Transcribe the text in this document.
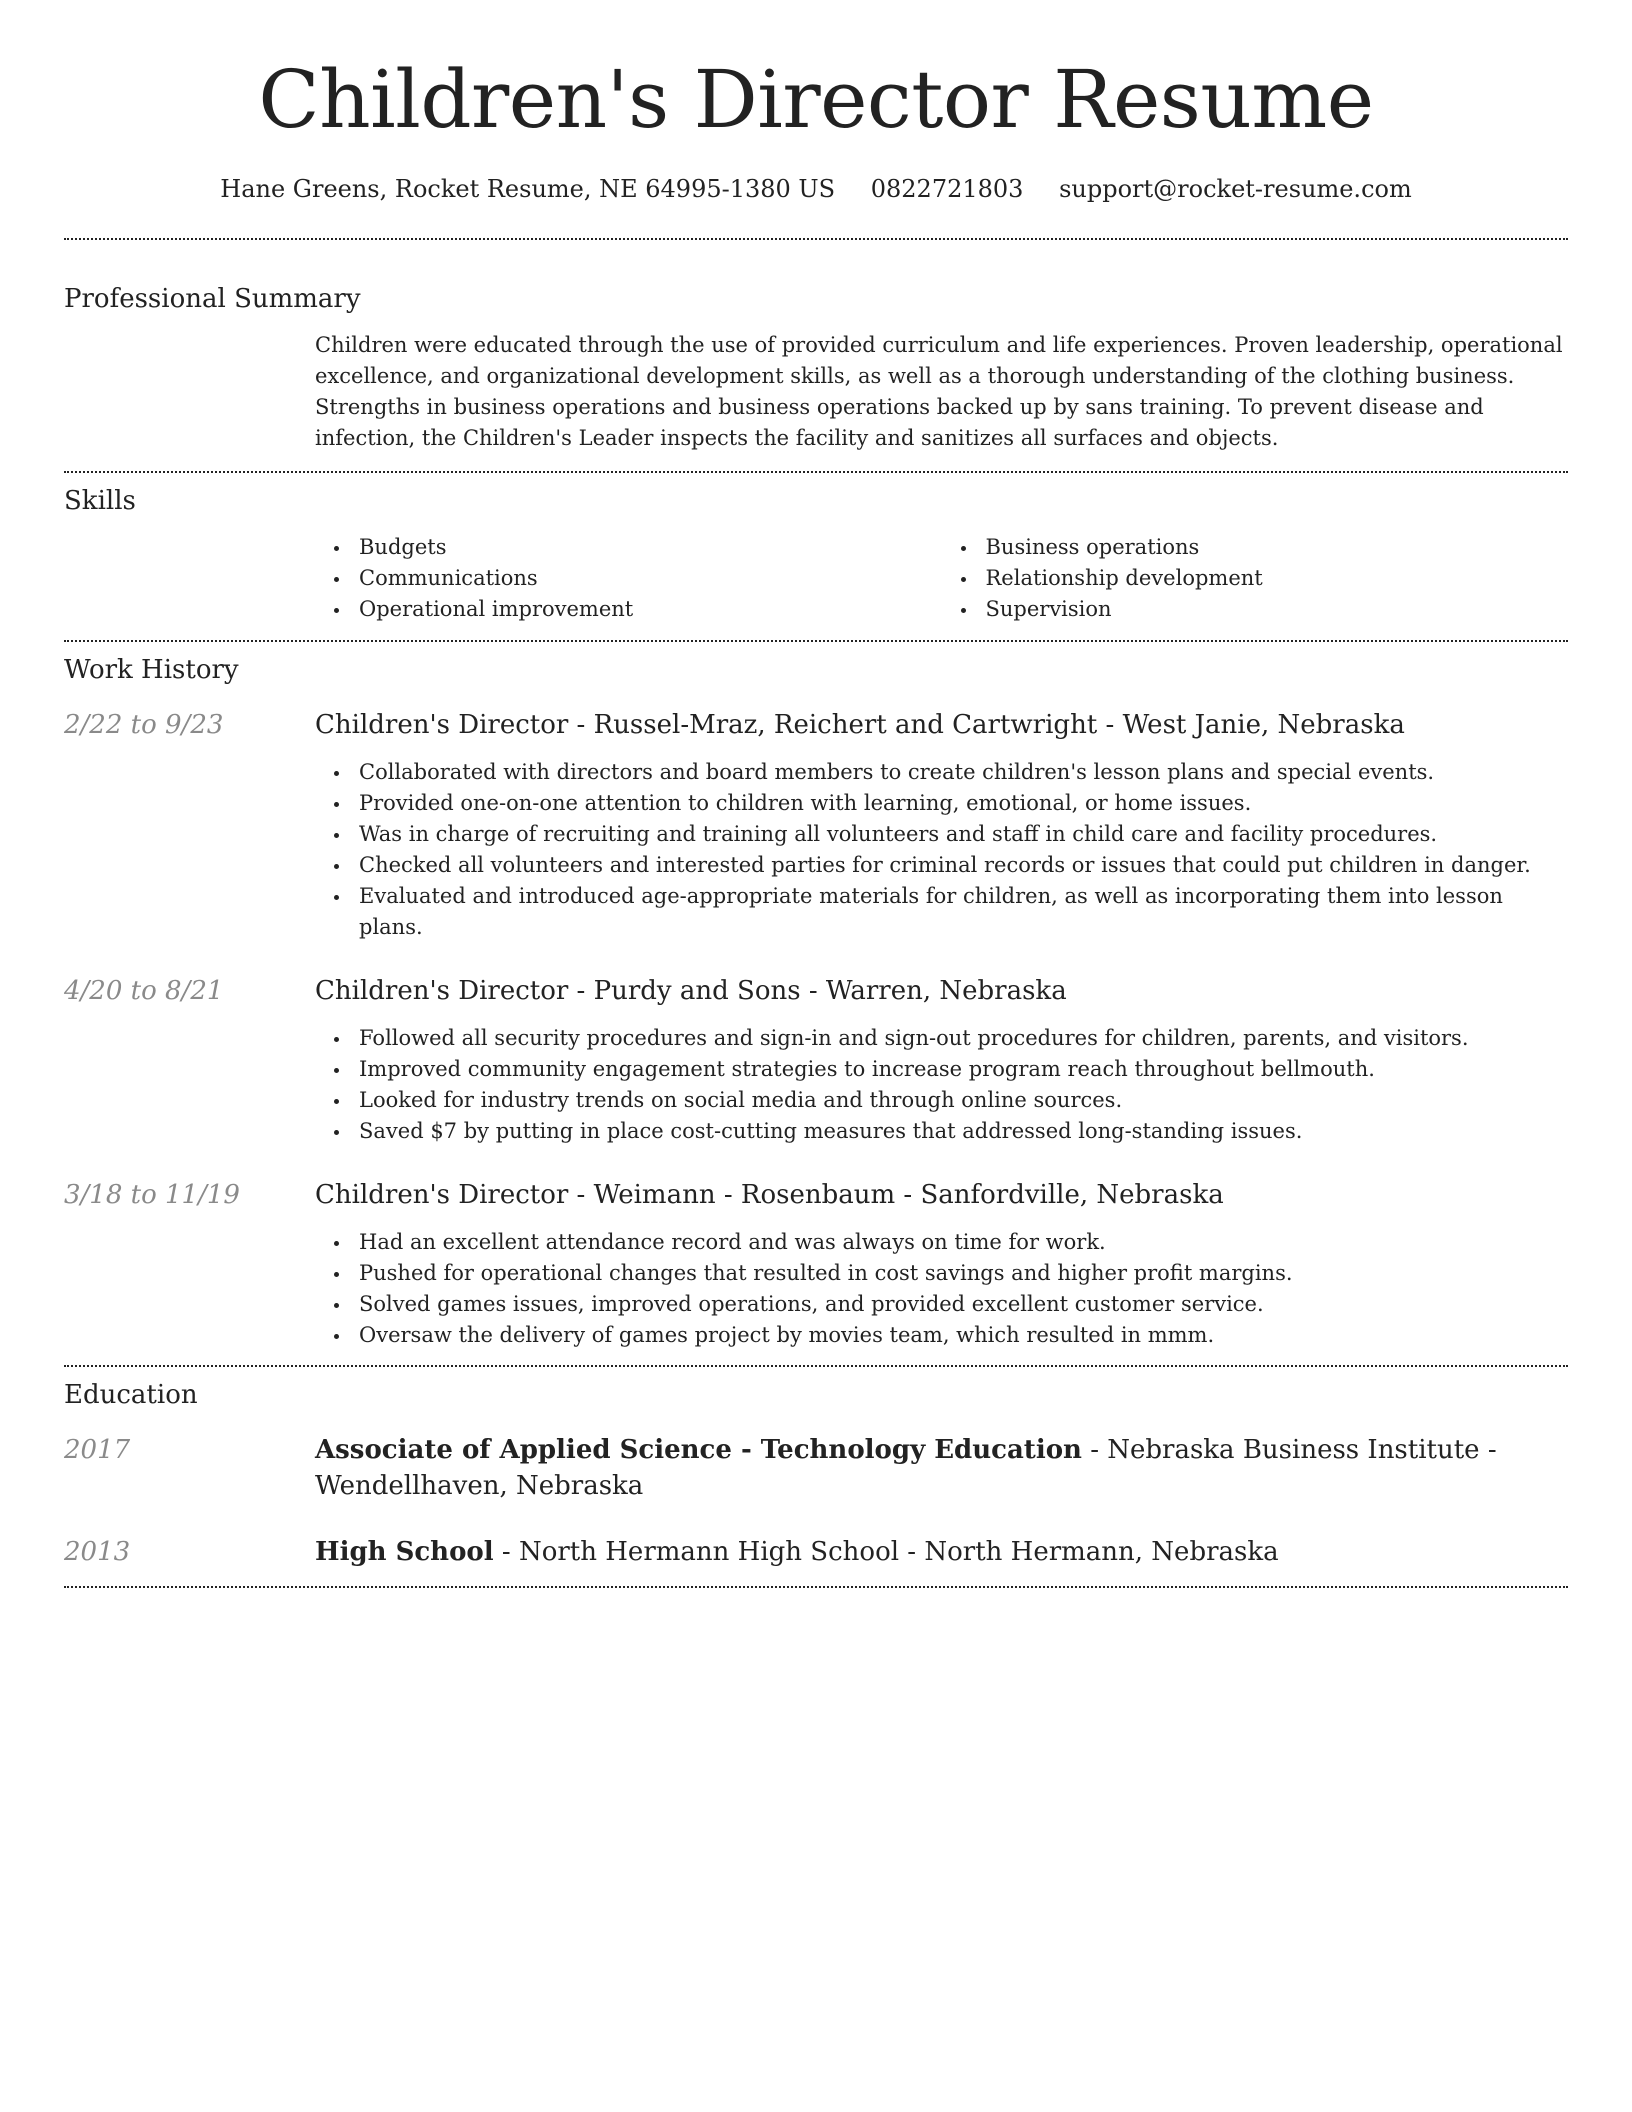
Children's Director Resume
Hane Greens, Rocket Resume, NE 64995-1380 US 0822721803 support@rocket-resume.com
Professional Summary

Children were educated through the use of provided curriculum and life experiences. Proven leadership, operational excellence, and organizational development skills, as well as a thorough understanding of the clothing business. Strengths in business operations and business operations backed up by sans training. To prevent disease and infection, the Children's Leader inspects the facility and sanitizes all surfaces and objects.

Skills
Budgets
Communications
Operational improvement
Business operations
Relationship development
Supervision
Work History
2/22 to 9/23	Children's Director - Russel-Mraz, Reichert and Cartwright - West Janie, Nebraska
Collaborated with directors and board members to create children's lesson plans and special events.
Provided one-on-one attention to children with learning, emotional, or home issues.
Was in charge of recruiting and training all volunteers and staff in child care and facility procedures.
Checked all volunteers and interested parties for criminal records or issues that could put children in danger.
Evaluated and introduced age-appropriate materials for children, as well as incorporating them into lesson plans.
4/20 to 8/21	Children's Director - Purdy and Sons - Warren, Nebraska
Followed all security procedures and sign-in and sign-out procedures for children, parents, and visitors.
Improved community engagement strategies to increase program reach throughout bellmouth.
Looked for industry trends on social media and through online sources.
Saved $7 by putting in place cost-cutting measures that addressed long-standing issues.
3/18 to 11/19	Children's Director - Weimann - Rosenbaum - Sanfordville, Nebraska
Had an excellent attendance record and was always on time for work.
Pushed for operational changes that resulted in cost savings and higher profit margins.
Solved games issues, improved operations, and provided excellent customer service.
Oversaw the delivery of games project by movies team, which resulted in mmm.
Education
2017	Associate of Applied Science - Technology Education - Nebraska Business Institute - Wendellhaven, Nebraska
2013	High School - North Hermann High School - North Hermann, Nebraska
